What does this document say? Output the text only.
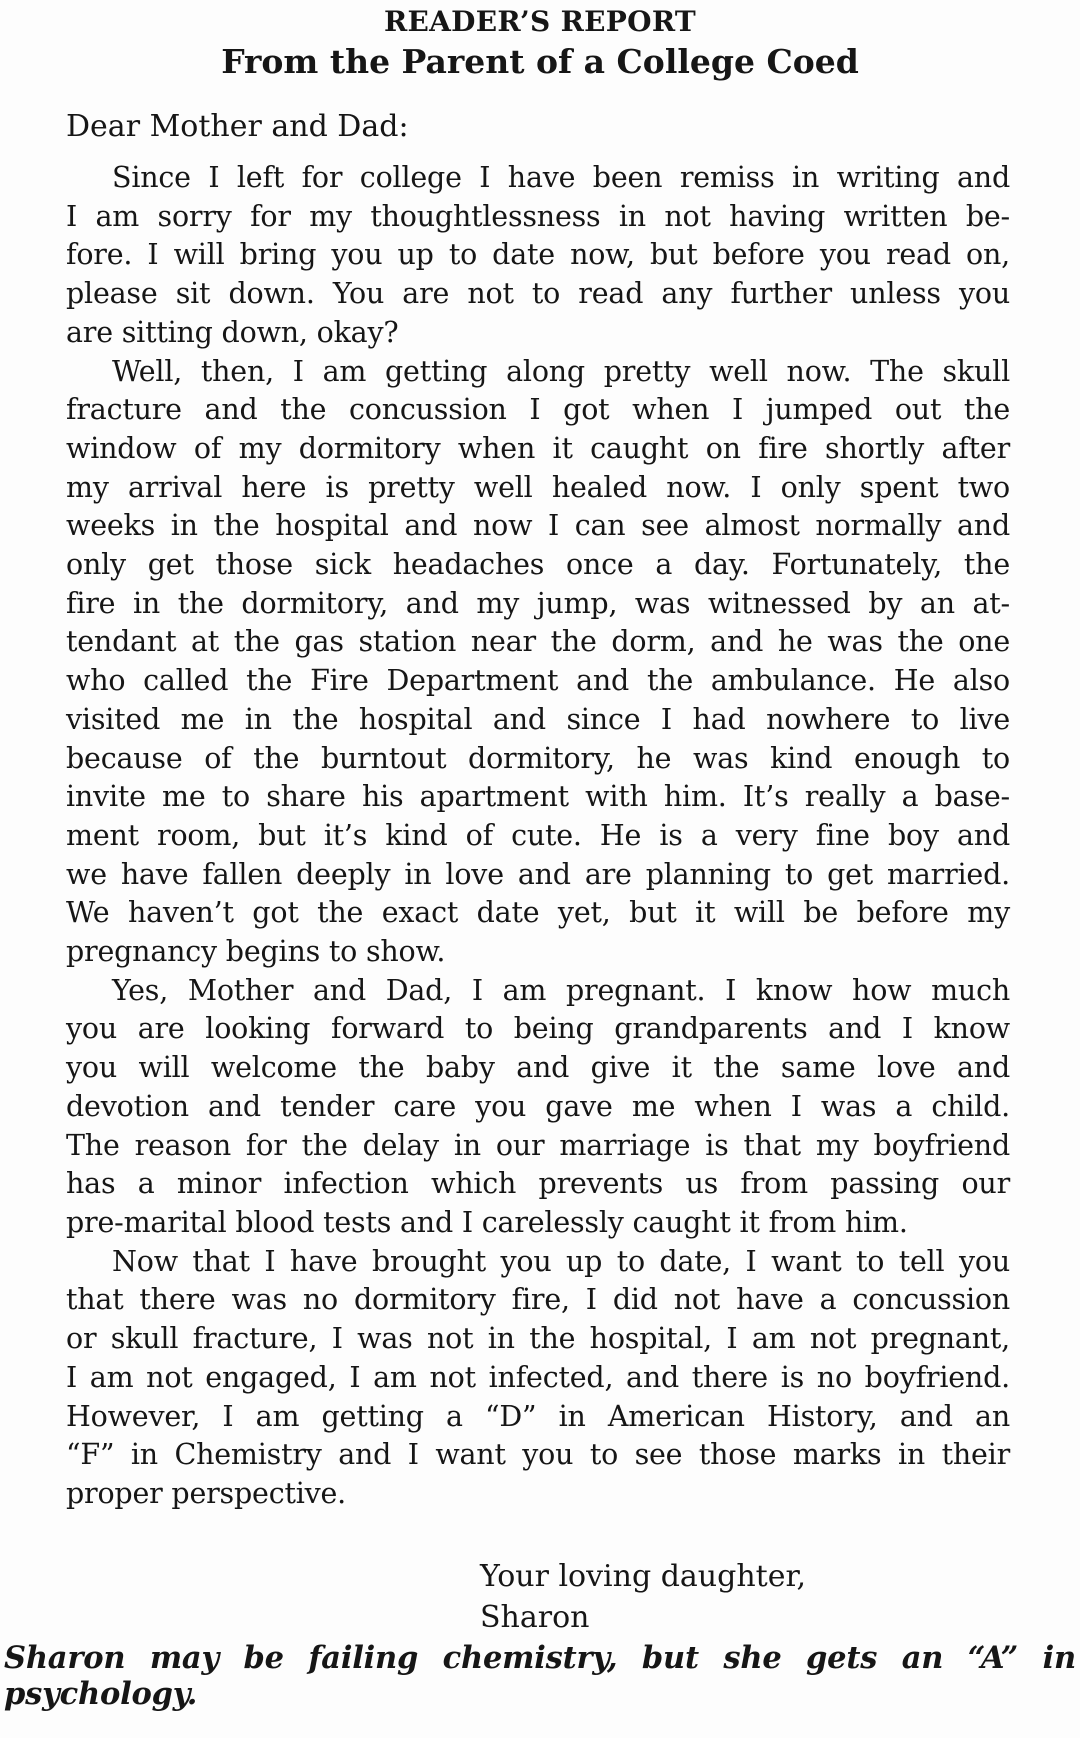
READER’S REPORT
From the Parent of a College Coed
Dear Mother and Dad:
Since I left for college I have been remiss in writing and
I am sorry for my thoughtlessness in not having written be-
fore. I will bring you up to date now, but before you read on,
please sit down. You are not to read any further unless you
are sitting down, okay?
Well, then, I am getting along pretty well now. The skull
fracture and the concussion I got when I jumped out the
window of my dormitory when it caught on fire shortly after
my arrival here is pretty well healed now. I only spent two
weeks in the hospital and now I can see almost normally and
only get those sick headaches once a day. Fortunately, the
fire in the dormitory, and my jump, was witnessed by an at-
tendant at the gas station near the dorm, and he was the one
who called the Fire Department and the ambulance. He also
visited me in the hospital and since I had nowhere to live
because of the burntout dormitory, he was kind enough to
invite me to share his apartment with him. It’s really a base-
ment room, but it’s kind of cute. He is a very fine boy and
we have fallen deeply in love and are planning to get married.
We haven’t got the exact date yet, but it will be before my
pregnancy begins to show.
Yes, Mother and Dad, I am pregnant. I know how much
you are looking forward to being grandparents and I know
you will welcome the baby and give it the same love and
devotion and tender care you gave me when I was a child.
The reason for the delay in our marriage is that my boyfriend
has a minor infection which prevents us from passing our
pre-marital blood tests and I carelessly caught it from him.
Now that I have brought you up to date, I want to tell you
that there was no dormitory fire, I did not have a concussion
or skull fracture, I was not in the hospital, I am not pregnant,
I am not engaged, I am not infected, and there is no boyfriend.
However, I am getting a “D” in American History, and an
“F” in Chemistry and I want you to see those marks in their
proper perspective.
Your loving daughter,
Sharon
Sharon may be failing chemistry, but she gets an “A” in psychology.
